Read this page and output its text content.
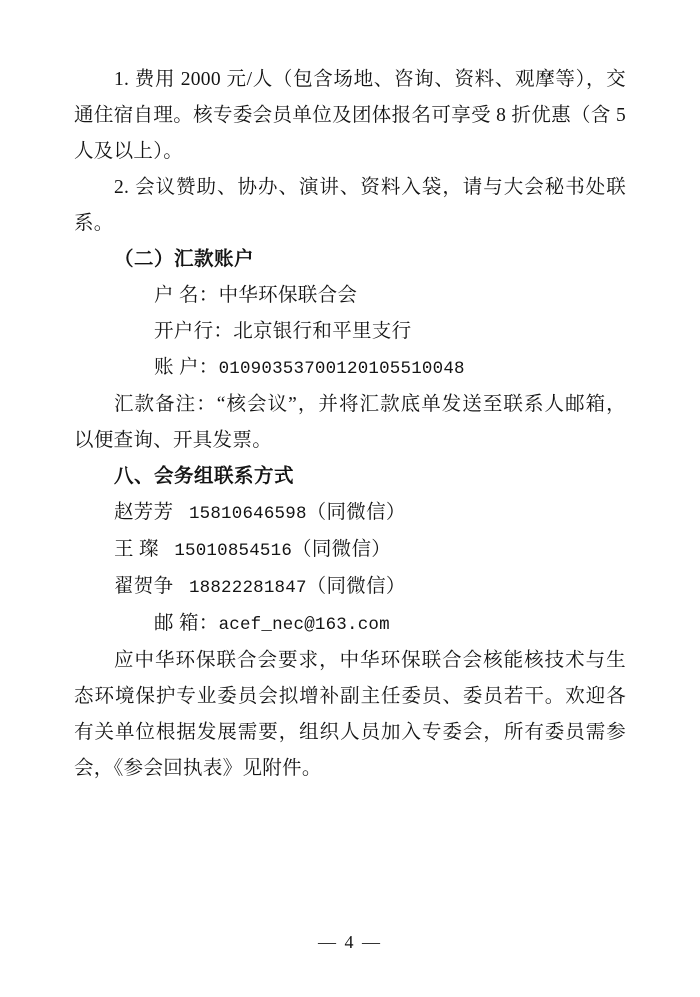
1. 费用 2000 元/人（包含场地、咨询、资料、观摩等），交通住宿自理。核专委会员单位及团体报名可享受 8 折优惠（含 5 人及以上）。

2. 会议赞助、协办、演讲、资料入袋，请与大会秘书处联系。

（二）汇款账户

户 名：中华环保联合会

开户行：北京银行和平里支行

账 户：01090353700120105510048

汇款备注：“核会议”，并将汇款底单发送至联系人邮箱，以便查询、开具发票。

八、会务组联系方式

赵芳芳 15810646598（同微信）

王 璨 15010854516（同微信）

翟贺争 18822281847（同微信）

邮 箱：acef_nec@163.com

应中华环保联合会要求，中华环保联合会核能核技术与生态环境保护专业委员会拟增补副主任委员、委员若干。欢迎各有关单位根据发展需要，组织人员加入专委会，所有委员需参会，《参会回执表》见附件。

— 4 —
